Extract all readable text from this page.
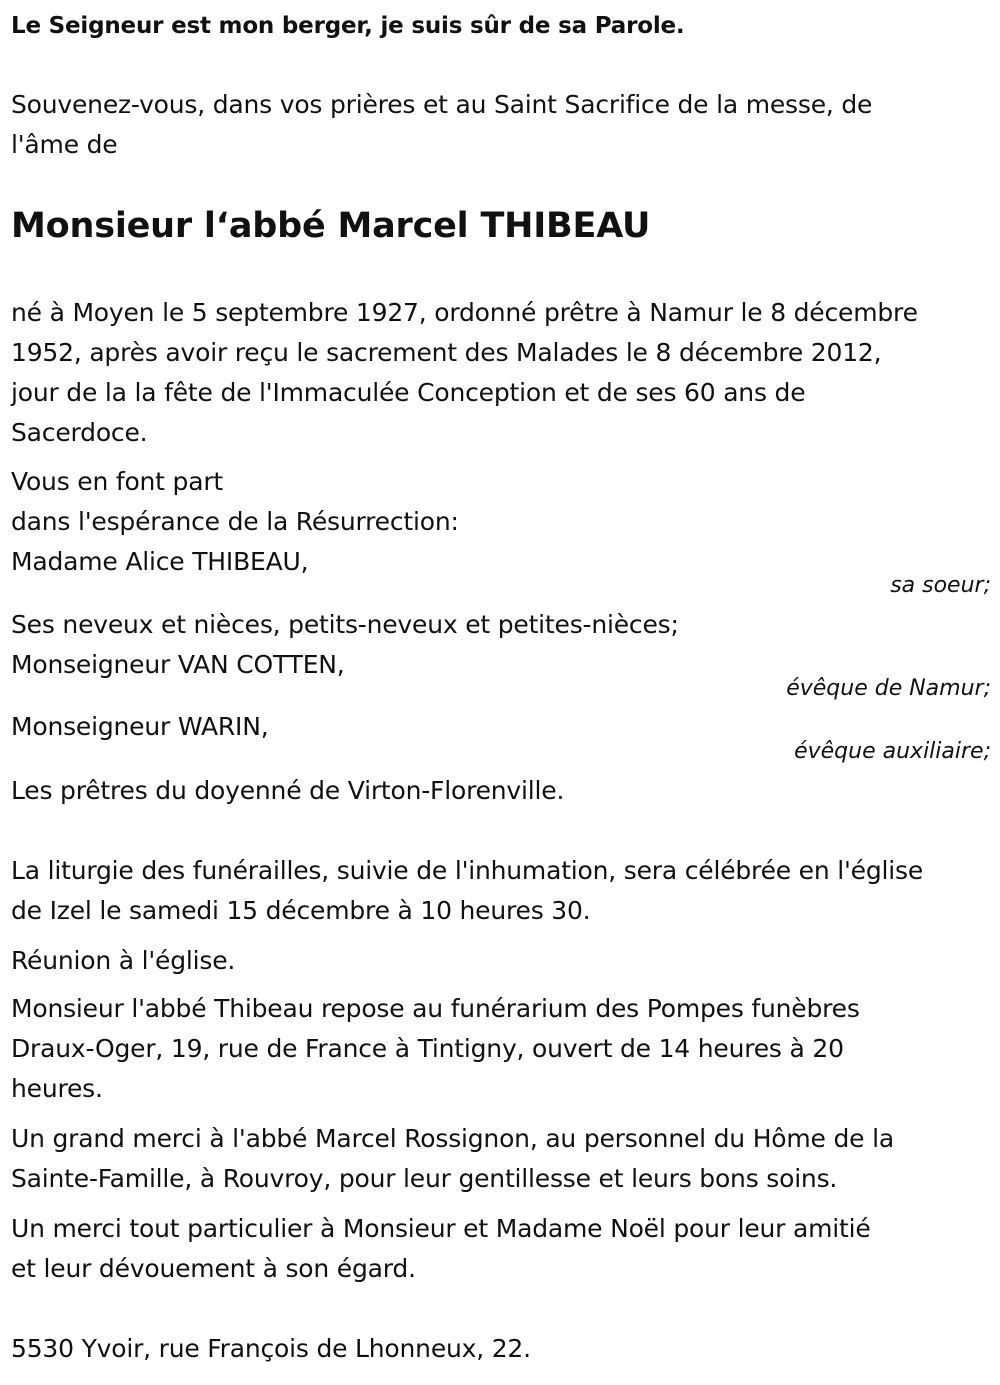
Le Seigneur est mon berger, je suis sûr de sa Parole.
Souvenez-vous, dans vos prières et au Saint Sacrifice de la messe, de
l'âme de
Monsieur l‘abbé Marcel THIBEAU
né à Moyen le 5 septembre 1927, ordonné prêtre à Namur le 8 décembre
1952, après avoir reçu le sacrement des Malades le 8 décembre 2012,
jour de la la fête de l'Immaculée Conception et de ses 60 ans de
Sacerdoce.
Vous en font part
dans l'espérance de la Résurrection:
Madame Alice THIBEAU,
sa soeur;
Ses neveux et nièces, petits-neveux et petites-nièces;
Monseigneur VAN COTTEN,
évêque de Namur;
Monseigneur WARIN,
évêque auxiliaire;
Les prêtres du doyenné de Virton-Florenville.
La liturgie des funérailles, suivie de l'inhumation, sera célébrée en l'église
de Izel le samedi 15 décembre à 10 heures 30.
Réunion à l'église.
Monsieur l'abbé Thibeau repose au funérarium des Pompes funèbres
Draux-Oger, 19, rue de France à Tintigny, ouvert de 14 heures à 20
heures.
Un grand merci à l'abbé Marcel Rossignon, au personnel du Hôme de la
Sainte-Famille, à Rouvroy, pour leur gentillesse et leurs bons soins.
Un merci tout particulier à Monsieur et Madame Noël pour leur amitié
et leur dévouement à son égard.
5530 Yvoir, rue François de Lhonneux, 22.
